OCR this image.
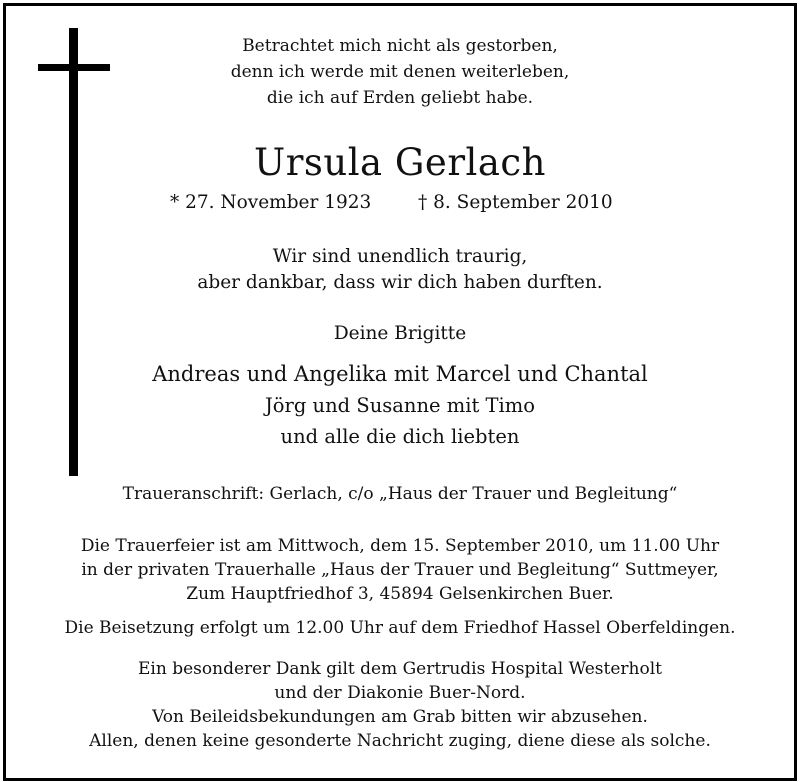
Betrachtet mich nicht als gestorben,
denn ich werde mit denen weiterleben,
die ich auf Erden geliebt habe.
Ursula Gerlach
* 27. November 1923	† 8. September 2010
Wir sind unendlich traurig,
aber dankbar, dass wir dich haben durften.
Deine Brigitte
Andreas und Angelika mit Marcel und Chantal
Jörg und Susanne mit Timo
und alle die dich liebten
Traueranschrift: Gerlach, c/o „Haus der Trauer und Begleitung“
Die Trauerfeier ist am Mittwoch, dem 15. September 2010, um 11.00 Uhr
in der privaten Trauerhalle „Haus der Trauer und Begleitung“ Suttmeyer,
Zum Hauptfriedhof 3, 45894 Gelsenkirchen Buer.
Die Beisetzung erfolgt um 12.00 Uhr auf dem Friedhof Hassel Oberfeldingen.
Ein besonderer Dank gilt dem Gertrudis Hospital Westerholt
und der Diakonie Buer-Nord.
Von Beileidsbekundungen am Grab bitten wir abzusehen.
Allen, denen keine gesonderte Nachricht zuging, diene diese als solche.
